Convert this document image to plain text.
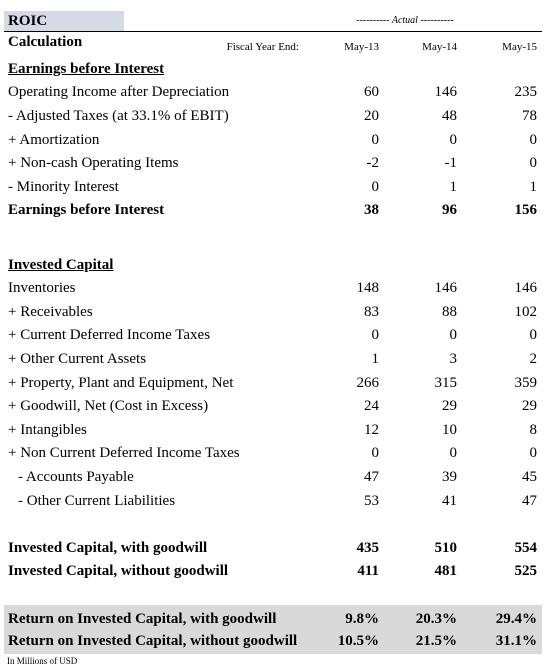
ROIC Calculation
---------- Actual ----------
Fiscal Year End:	May-13	May-14	May-15
Earnings before Interest
Operating Income after Depreciation	60	146	235
- Adjusted Taxes (at 33.1% of EBIT)	20	48	78
+ Amortization	0	0	0
+ Non-cash Operating Items	-2	-1	0
- Minority Interest	0	1	1
Earnings before Interest	38	96	156
Invested Capital
Inventories	148	146	146
+ Receivables	83	88	102
+ Current Deferred Income Taxes	0	0	0
+ Other Current Assets	1	3	2
+ Property, Plant and Equipment, Net	266	315	359
+ Goodwill, Net (Cost in Excess)	24	29	29
+ Intangibles	12	10	8
+ Non Current Deferred Income Taxes	0	0	0
- Accounts Payable	47	39	45
- Other Current Liabilities	53	41	47
Invested Capital, with goodwill	435	510	554
Invested Capital, without goodwill	411	481	525
Return on Invested Capital, with goodwill	9.8%	20.3%	29.4%
Return on Invested Capital, without goodwill	10.5%	21.5%	31.1%
In Millions of USD
